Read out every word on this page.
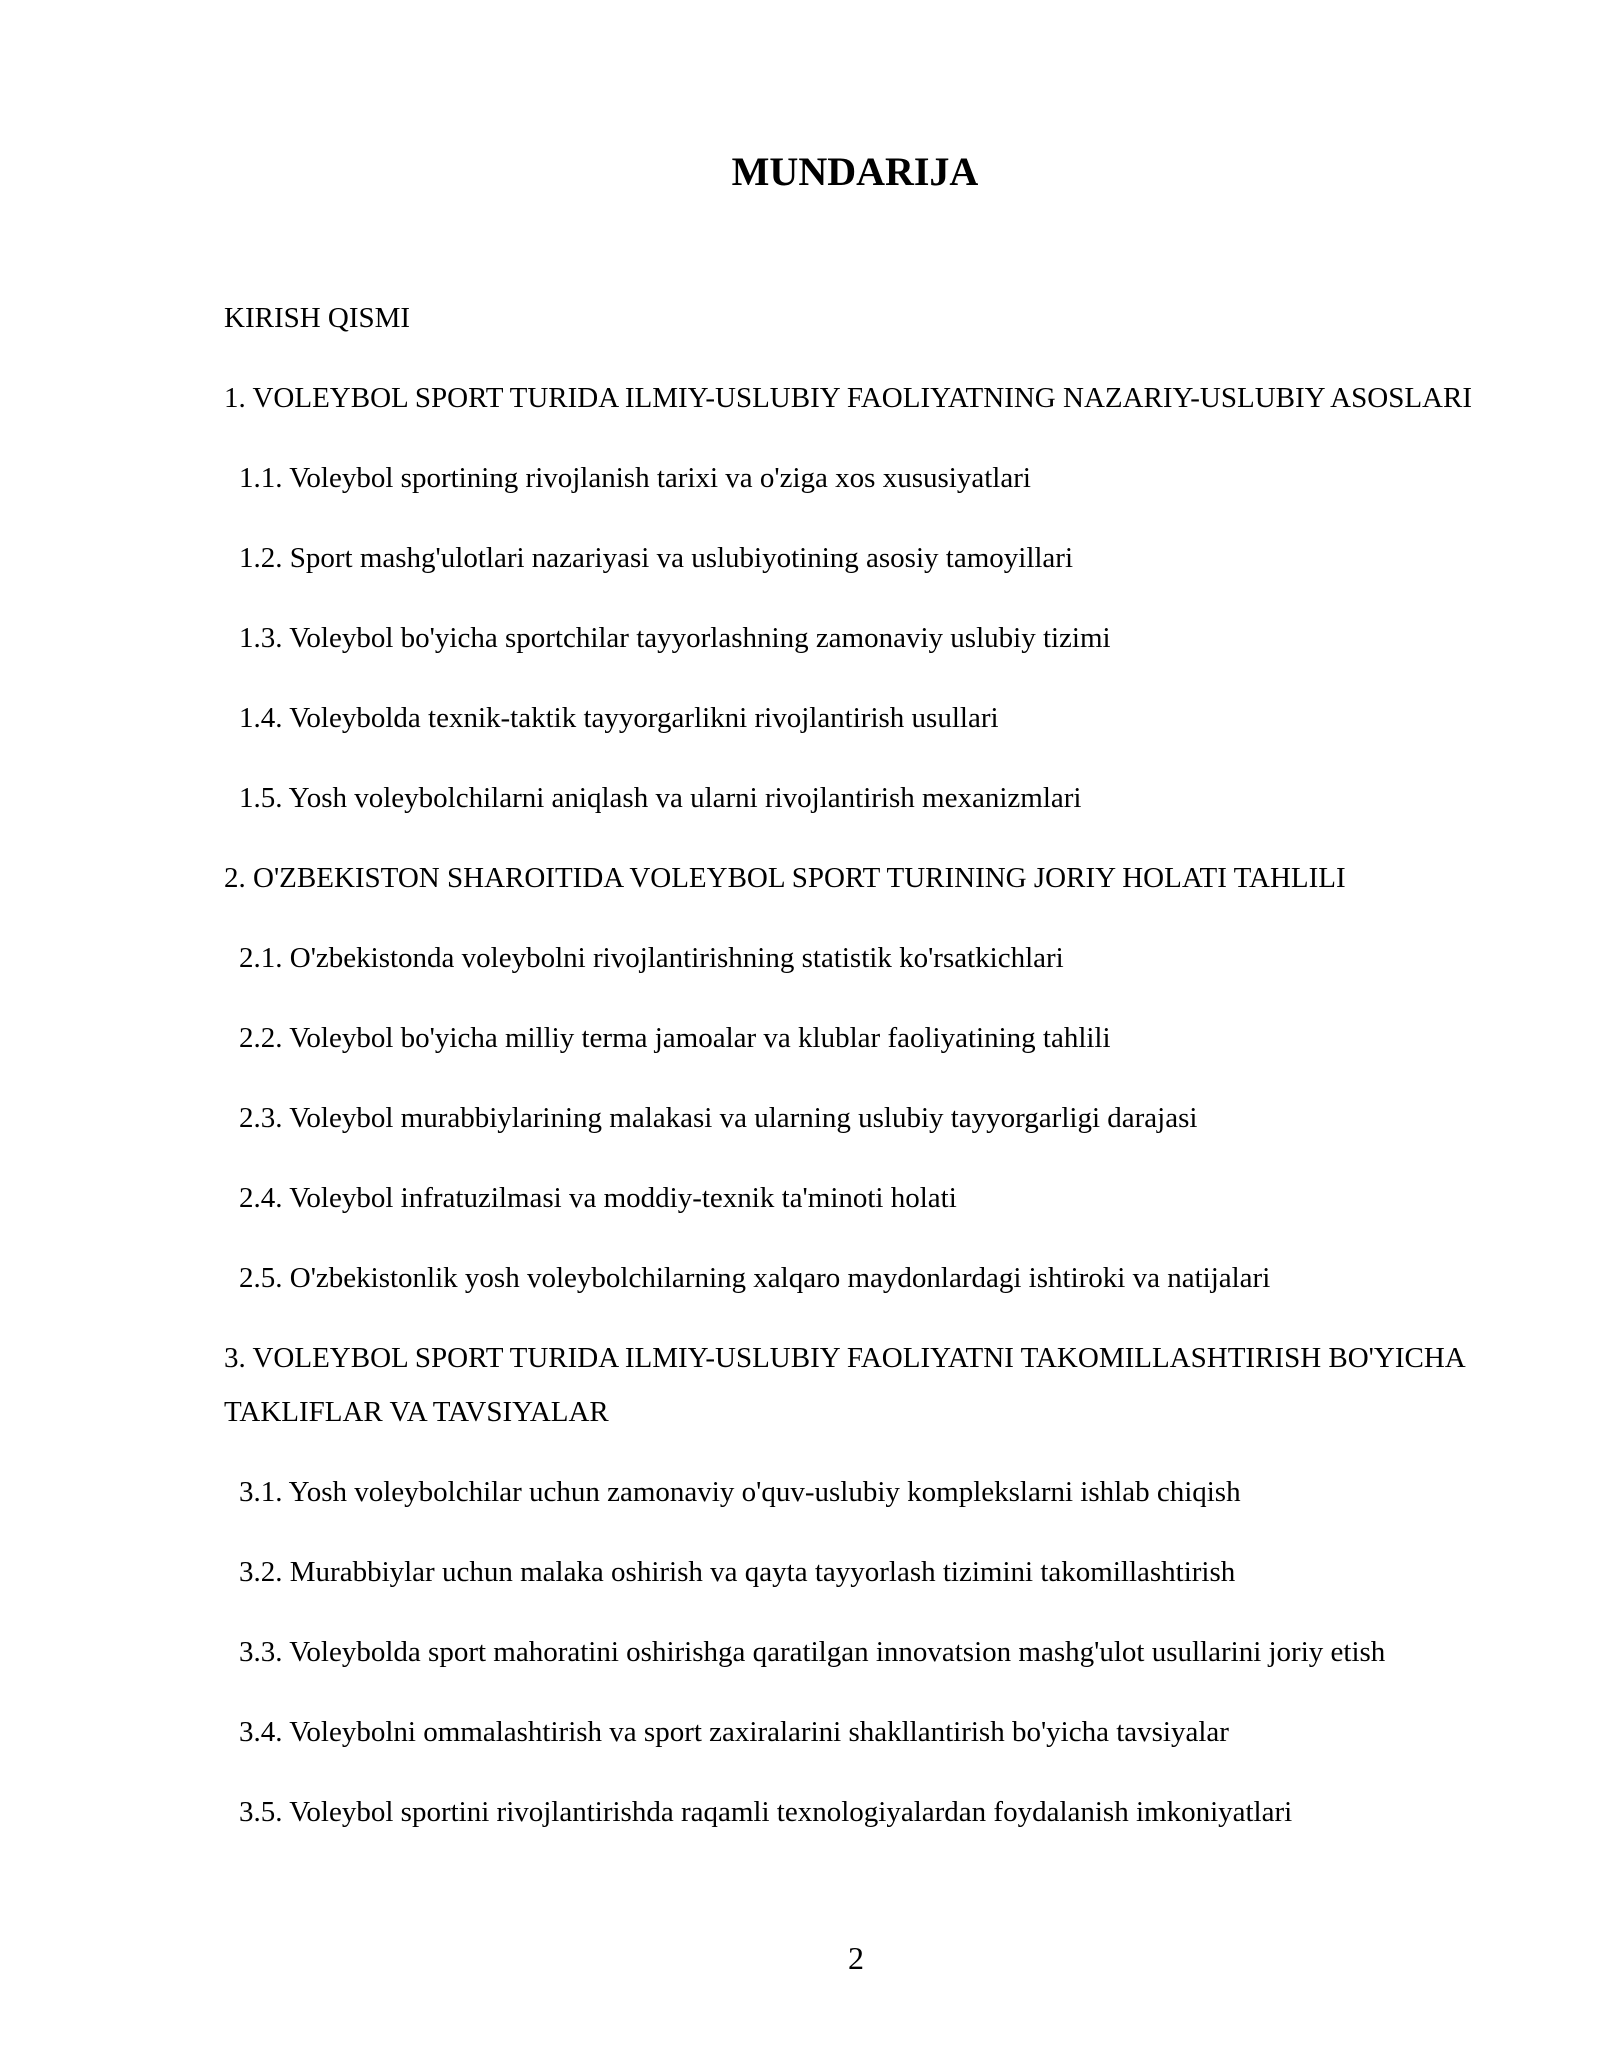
MUNDARIJA
KIRISH QISMI
1. VOLEYBOL SPORT TURIDA ILMIY-USLUBIY FAOLIYATNING NAZARIY-USLUBIY ASOSLARI
1.1. Voleybol sportining rivojlanish tarixi va o'ziga xos xususiyatlari
1.2. Sport mashg'ulotlari nazariyasi va uslubiyotining asosiy tamoyillari
1.3. Voleybol bo'yicha sportchilar tayyorlashning zamonaviy uslubiy tizimi
1.4. Voleybolda texnik-taktik tayyorgarlikni rivojlantirish usullari
1.5. Yosh voleybolchilarni aniqlash va ularni rivojlantirish mexanizmlari
2. O'ZBEKISTON SHAROITIDA VOLEYBOL SPORT TURINING JORIY HOLATI TAHLILI
2.1. O'zbekistonda voleybolni rivojlantirishning statistik ko'rsatkichlari
2.2. Voleybol bo'yicha milliy terma jamoalar va klublar faoliyatining tahlili
2.3. Voleybol murabbiylarining malakasi va ularning uslubiy tayyorgarligi darajasi
2.4. Voleybol infratuzilmasi va moddiy-texnik ta'minoti holati
2.5. O'zbekistonlik yosh voleybolchilarning xalqaro maydonlardagi ishtiroki va natijalari
3. VOLEYBOL SPORT TURIDA ILMIY-USLUBIY FAOLIYATNI TAKOMILLASHTIRISH BO'YICHA TAKLIFLAR VA TAVSIYALAR
3.1. Yosh voleybolchilar uchun zamonaviy o'quv-uslubiy komplekslarni ishlab chiqish
3.2. Murabbiylar uchun malaka oshirish va qayta tayyorlash tizimini takomillashtirish
3.3. Voleybolda sport mahoratini oshirishga qaratilgan innovatsion mashg'ulot usullarini joriy etish
3.4. Voleybolni ommalashtirish va sport zaxiralarini shakllantirish bo'yicha tavsiyalar
3.5. Voleybol sportini rivojlantirishda raqamli texnologiyalardan foydalanish imkoniyatlari
2
